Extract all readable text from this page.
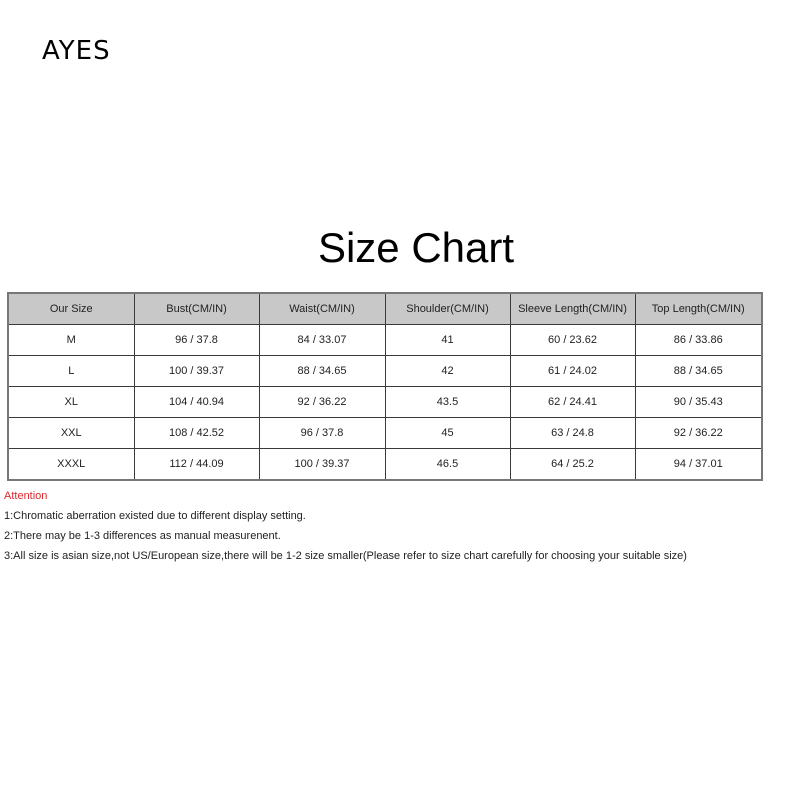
AYES
Size Chart
Our Size	Bust(CM/IN)	Waist(CM/IN)	Shoulder(CM/IN)	Sleeve Length(CM/IN)	Top Length(CM/IN)
M	96 / 37.8	84 / 33.07	41	60 / 23.62	86 / 33.86
L	100 / 39.37	88 / 34.65	42	61 / 24.02	88 / 34.65
XL	104 / 40.94	92 / 36.22	43.5	62 / 24.41	90 / 35.43
XXL	108 / 42.52	96 / 37.8	45	63 / 24.8	92 / 36.22
XXXL	112 / 44.09	100 / 39.37	46.5	64 / 25.2	94 / 37.01
Attention
1:Chromatic aberration existed due to different display setting.
2:There may be 1-3 differences as manual measurenent.
3:All size is asian size,not US/European size,there will be 1-2 size smaller(Please refer to size chart carefully for choosing your suitable size)
